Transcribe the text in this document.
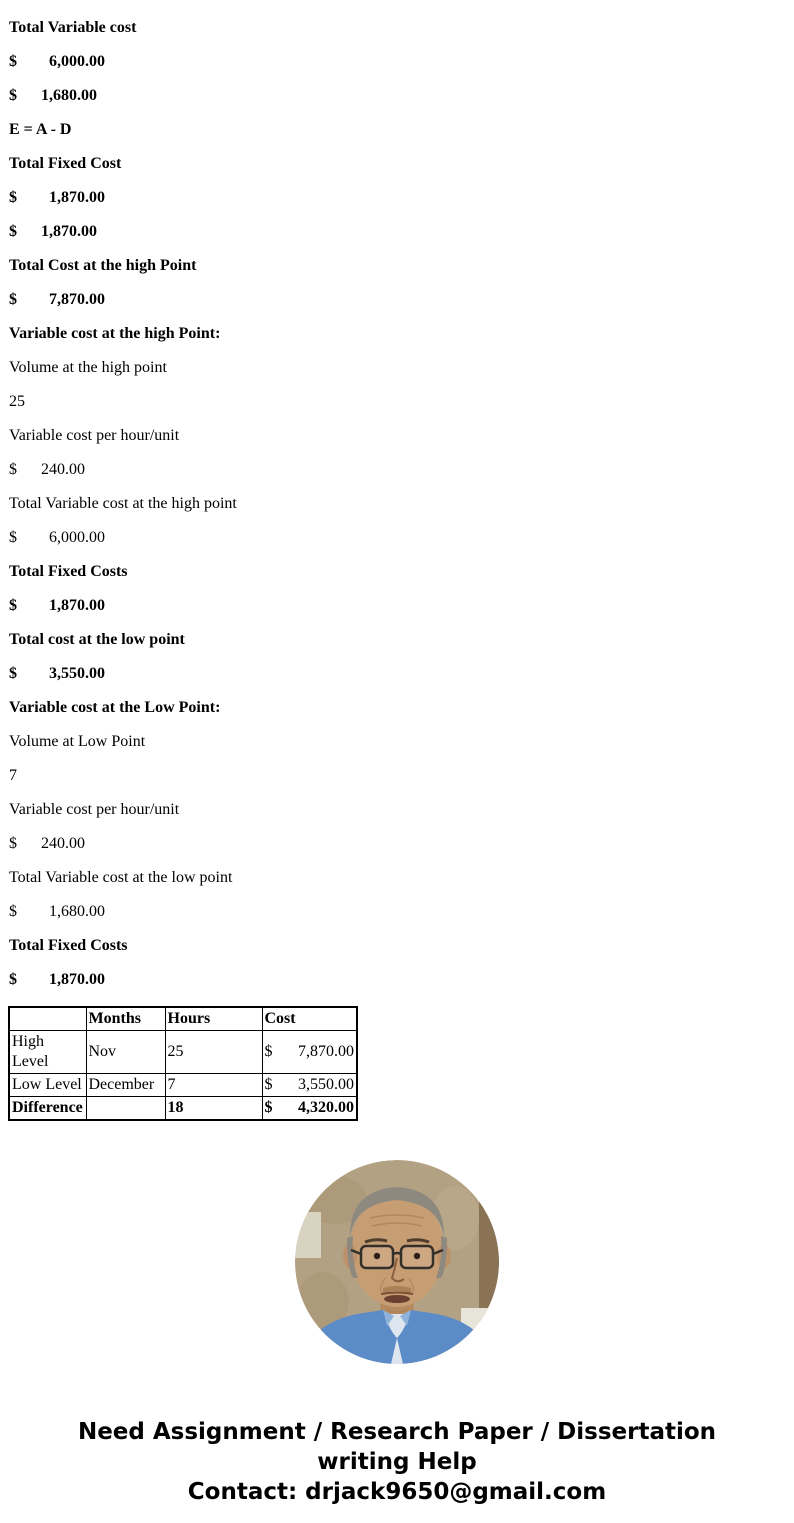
Total Variable cost
$        6,000.00
$      1,680.00
E = A - D
Total Fixed Cost
$        1,870.00
$      1,870.00
Total Cost at the high Point
$        7,870.00
Variable cost at the high Point:
Volume at the high point
25
Variable cost per hour/unit
$      240.00
Total Variable cost at the high point
$        6,000.00
Total Fixed Costs
$        1,870.00
Total cost at the low point
$        3,550.00
Variable cost at the Low Point:
Volume at Low Point
7
Variable cost per hour/unit
$      240.00
Total Variable cost at the low point
$        1,680.00
Total Fixed Costs
$        1,870.00
	Months	Hours	Cost
High Level	Nov	25	$ 7,870.00

Low Level	December	7	$ 3,550.00

Difference		18	$ 4,320.00
Need Assignment / Research Paper / Dissertation
writing Help
Contact: drjack9650@gmail.com
